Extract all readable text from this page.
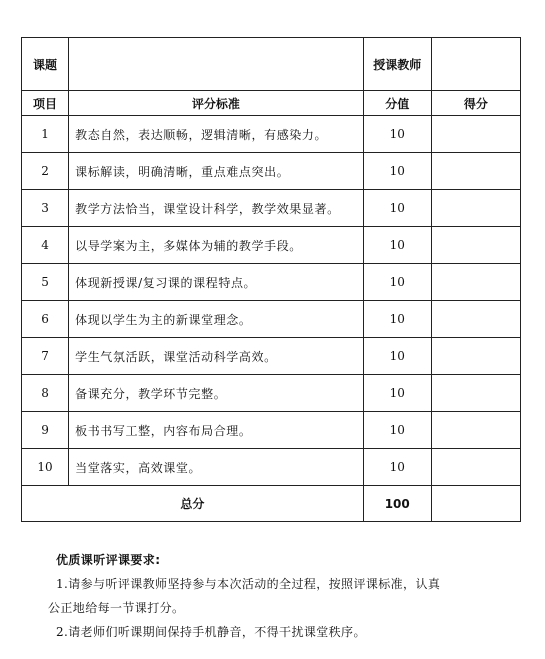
课题		授课教师	
项目	评分标准	分值	得分
1	教态自然，表达顺畅，逻辑清晰，有感染力。	10	
2	课标解读，明确清晰，重点难点突出。	10	
3	教学方法恰当，课堂设计科学，教学效果显著。	10	
4	以导学案为主，多媒体为辅的教学手段。	10	
5	体现新授课/复习课的课程特点。	10	
6	体现以学生为主的新课堂理念。	10	
7	学生气氛活跃，课堂活动科学高效。	10	
8	备课充分，教学环节完整。	10	
9	板书书写工整，内容布局合理。	10	
10	当堂落实，高效课堂。	10	
总分		100	

优质课听评课要求:

1.请参与听评课教师坚持参与本次活动的全过程，按照评课标准，认真

公正地给每一节课打分。

2.请老师们听课期间保持手机静音，不得干扰课堂秩序。
